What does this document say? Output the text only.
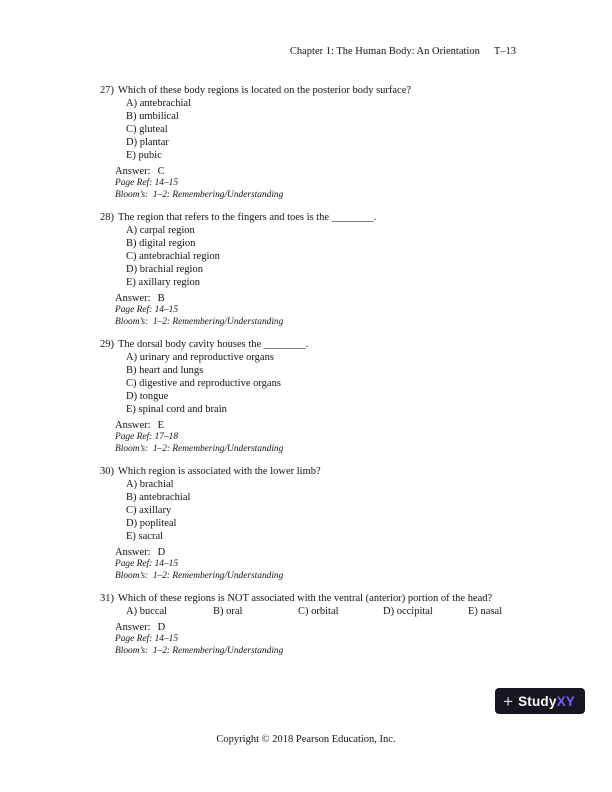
Chapter 1: The Human Body: An Orientation T–13
27) Which of these body regions is located on the posterior body surface?
A) antebrachial
B) umbilical
C) gluteal
D) plantar
E) pubic
Answer: C
Page Ref: 14–15
Bloom’s:  1–2: Remembering/Understanding
28) The region that refers to the fingers and toes is the ________.
A) carpal region
B) digital region
C) antebrachial region
D) brachial region
E) axillary region
Answer: B
Page Ref: 14–15
Bloom’s:  1–2: Remembering/Understanding
29) The dorsal body cavity houses the ________.
A) urinary and reproductive organs
B) heart and lungs
C) digestive and reproductive organs
D) tongue
E) spinal cord and brain
Answer: E
Page Ref: 17–18
Bloom’s:  1–2: Remembering/Understanding
30) Which region is associated with the lower limb?
A) brachial
B) antebrachial
C) axillary
D) popliteal
E) sacral
Answer: D
Page Ref: 14–15
Bloom’s:  1–2: Remembering/Understanding
31) Which of these regions is NOT associated with the ventral (anterior) portion of the head?
A) buccal	B) oral	C) orbital	D) occipital	E) nasal
Answer: D
Page Ref: 14–15
Bloom’s:  1–2: Remembering/Understanding
+ Study XY
Copyright © 2018 Pearson Education, Inc.
